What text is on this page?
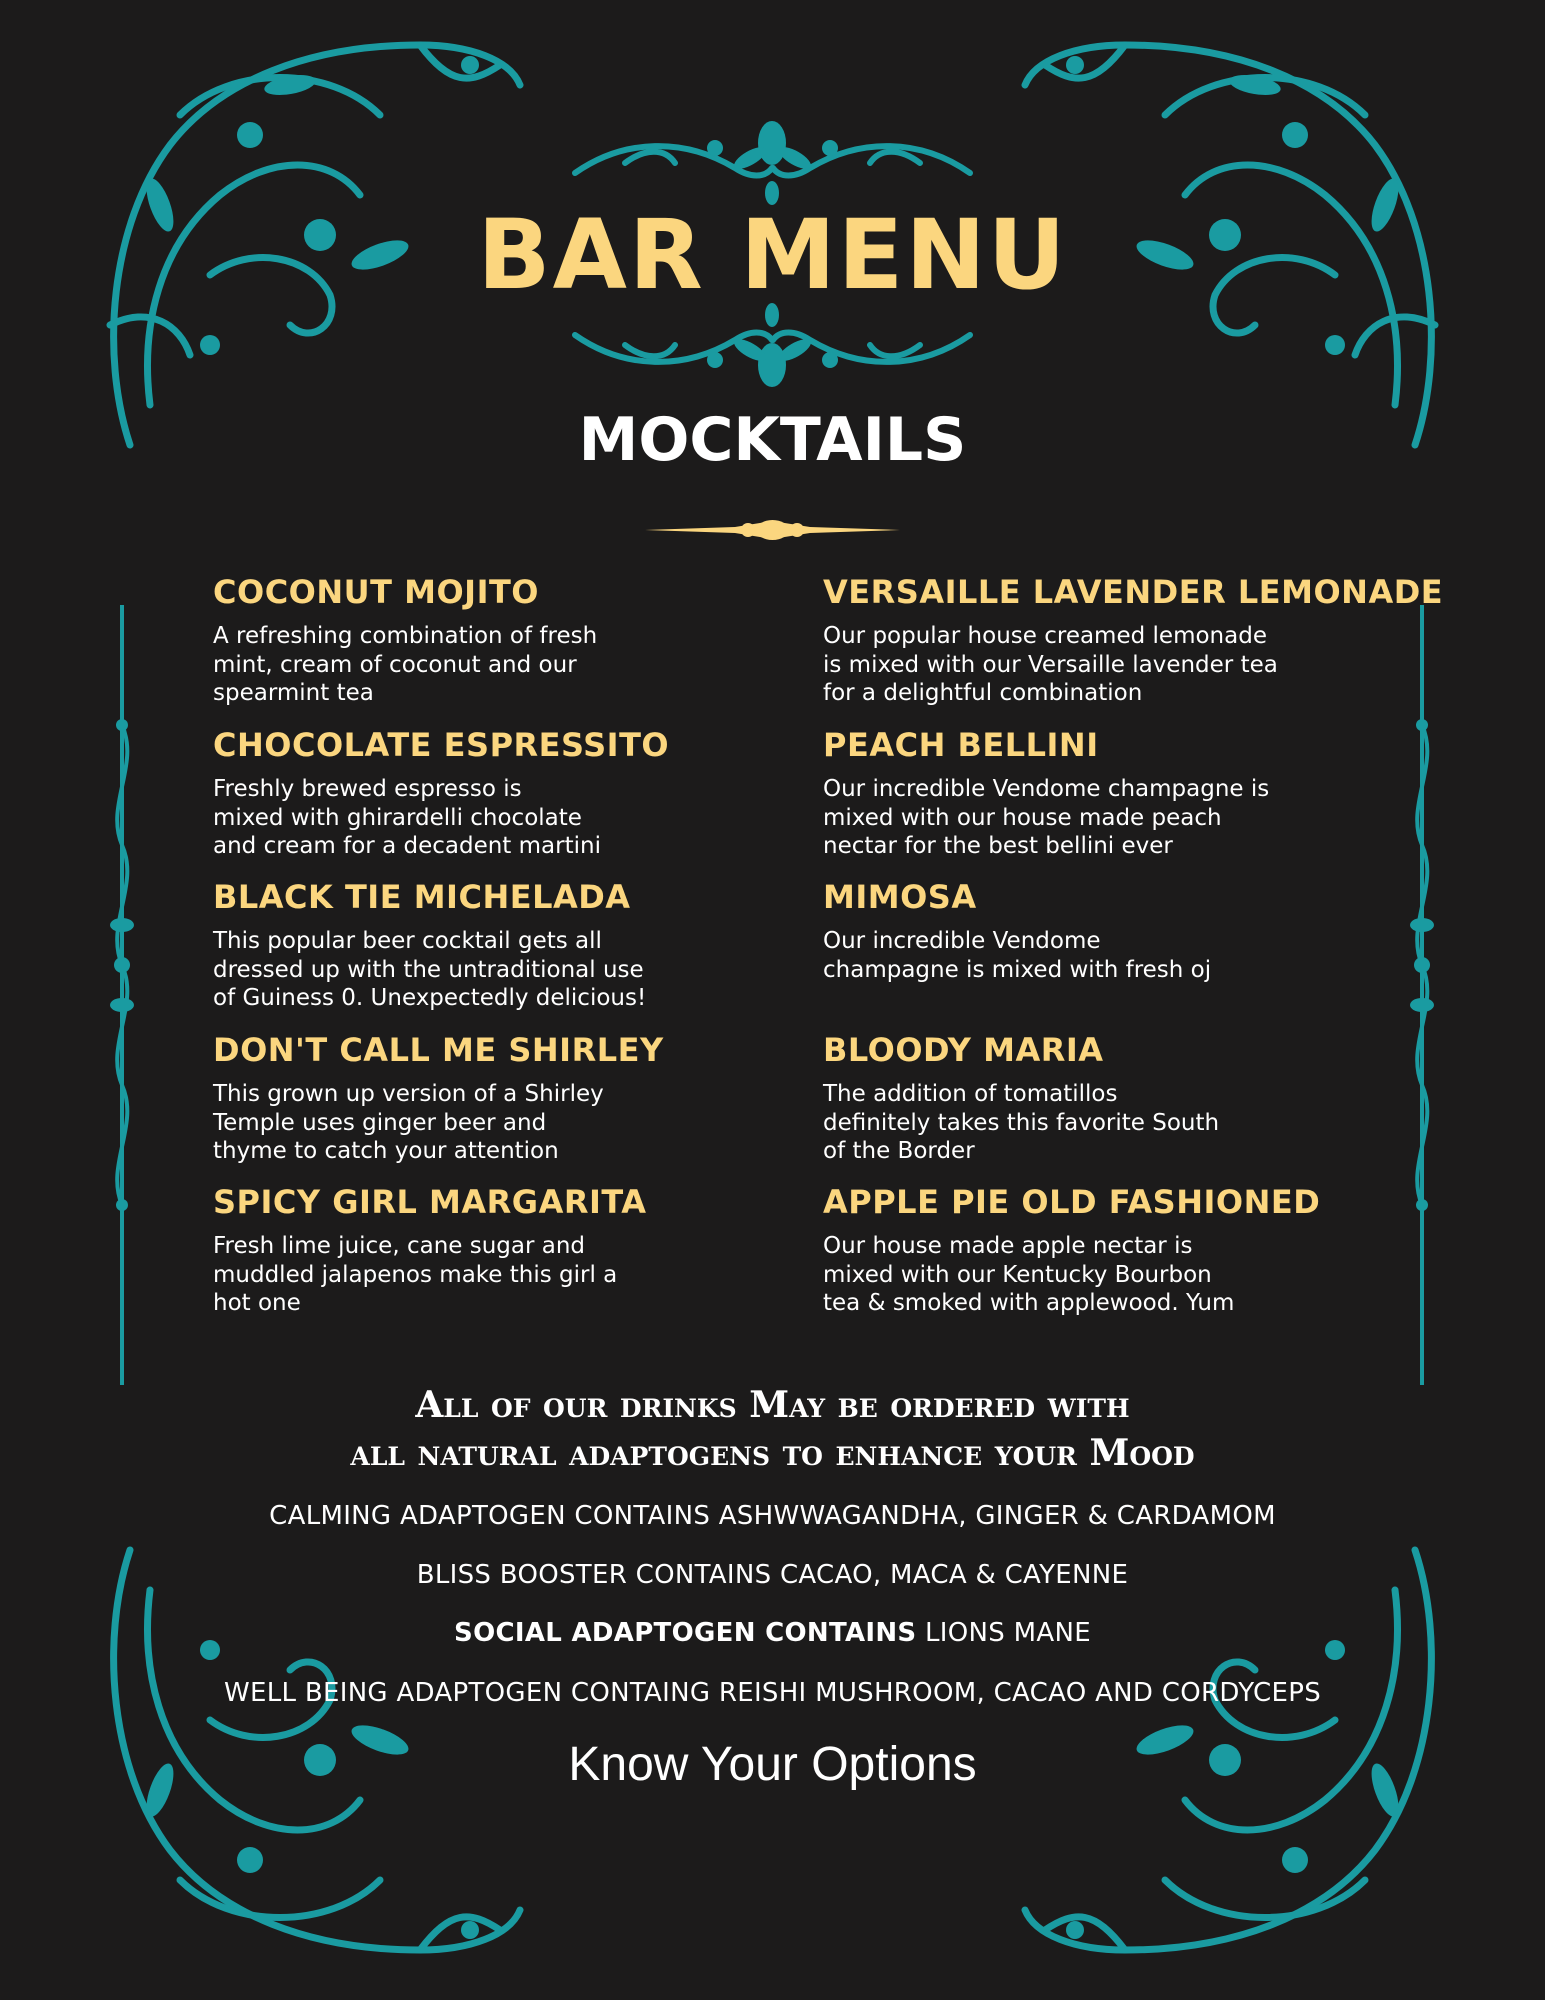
BAR MENU
MOCKTAILS
COCONUT MOJITO
A refreshing combination of fresh
mint, cream of coconut and our
spearmint tea
CHOCOLATE ESPRESSITO
Freshly brewed espresso is
mixed with ghirardelli chocolate
and cream for a decadent martini
BLACK TIE MICHELADA
This popular beer cocktail gets all
dressed up with the untraditional use
of Guiness 0. Unexpectedly delicious!
DON'T CALL ME SHIRLEY
This grown up version of a Shirley
Temple uses ginger beer and
thyme to catch your attention
SPICY GIRL MARGARITA
Fresh lime juice, cane sugar and
muddled jalapenos make this girl a
hot one
VERSAILLE LAVENDER LEMONADE
Our popular house creamed lemonade
is mixed with our Versaille lavender tea
for a delightful combination
PEACH BELLINI
Our incredible Vendome champagne is
mixed with our house made peach
nectar for the best bellini ever
MIMOSA
Our incredible Vendome
champagne is mixed with fresh oj
BLOODY MARIA
The addition of tomatillos
definitely takes this favorite South
of the Border
APPLE PIE OLD FASHIONED
Our house made apple nectar is
mixed with our Kentucky Bourbon
tea & smoked with applewood. Yum
All of our drinks May be ordered with
all natural adaptogens to enhance your Mood
CALMING ADAPTOGEN CONTAINS ASHWWAGANDHA, GINGER & CARDAMOM
BLISS BOOSTER CONTAINS CACAO, MACA & CAYENNE
SOCIAL ADAPTOGEN CONTAINS LIONS MANE
WELL BEING ADAPTOGEN CONTAING REISHI MUSHROOM, CACAO AND CORDYCEPS
Know Your Options
